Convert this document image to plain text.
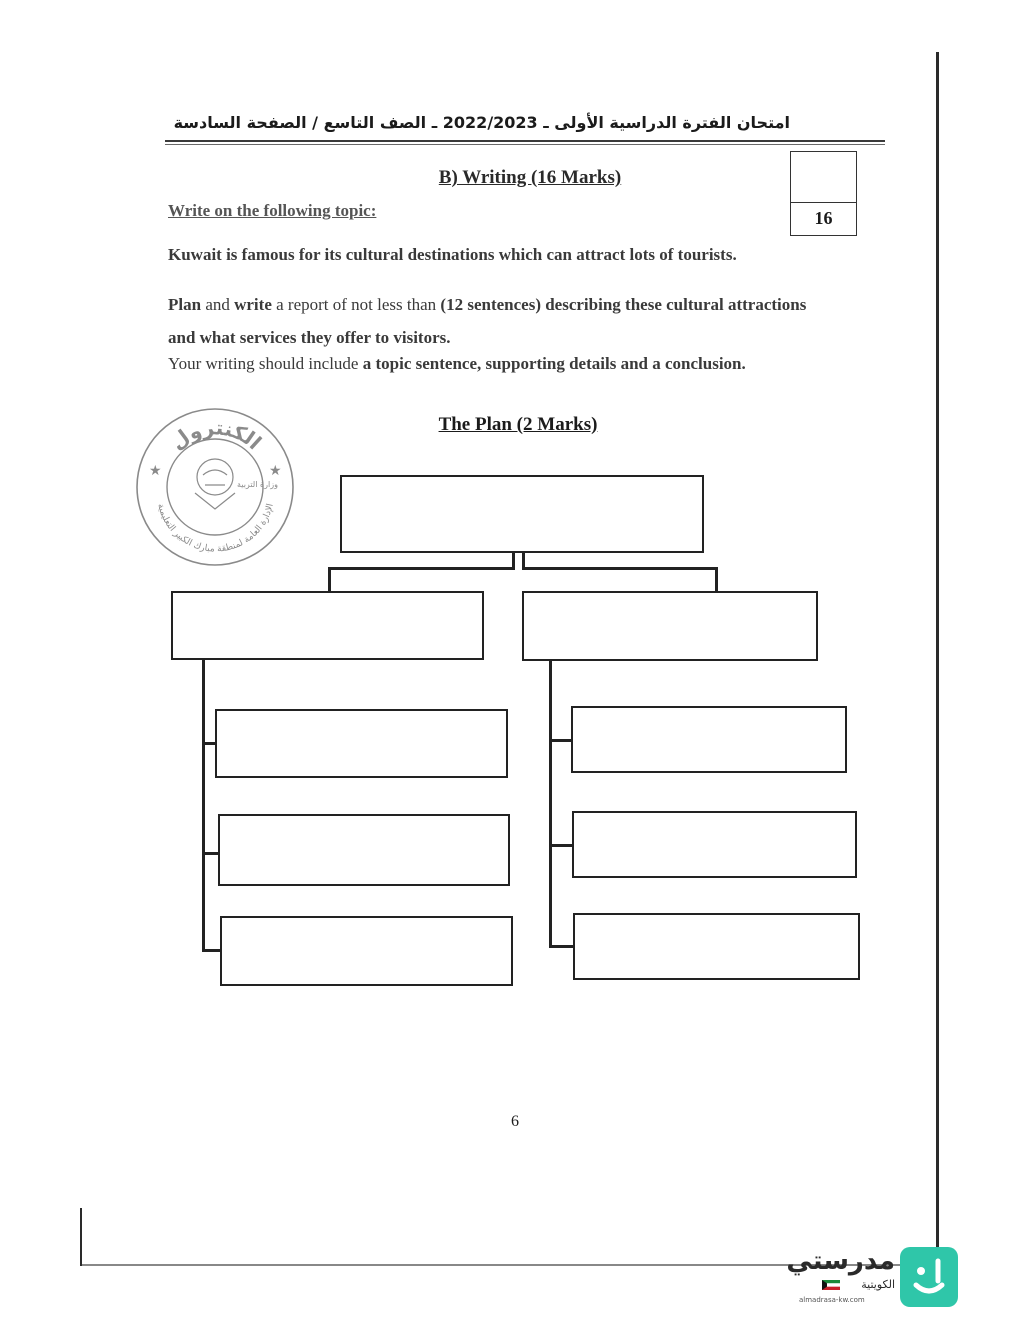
امتحان الفترة الدراسية الأولى ـ 2022/2023 ـ الصف التاسع / الصفحة السادسة
B) Writing (16 Marks)
16
Write on the following topic:
Kuwait is famous for its cultural destinations which can attract lots of tourists.
Plan and write a report of not less than (12 sentences) describing these cultural attractions and what services they offer to visitors.
Your writing should include a topic sentence, supporting details and a conclusion.
The Plan (2 Marks)
الكنترول
الإدارة العامة لمنطقة مبارك الكبير التعليمية
★	★
وزارة التربية
6
مدرستي
الكويتية
almadrasa-kw.com
